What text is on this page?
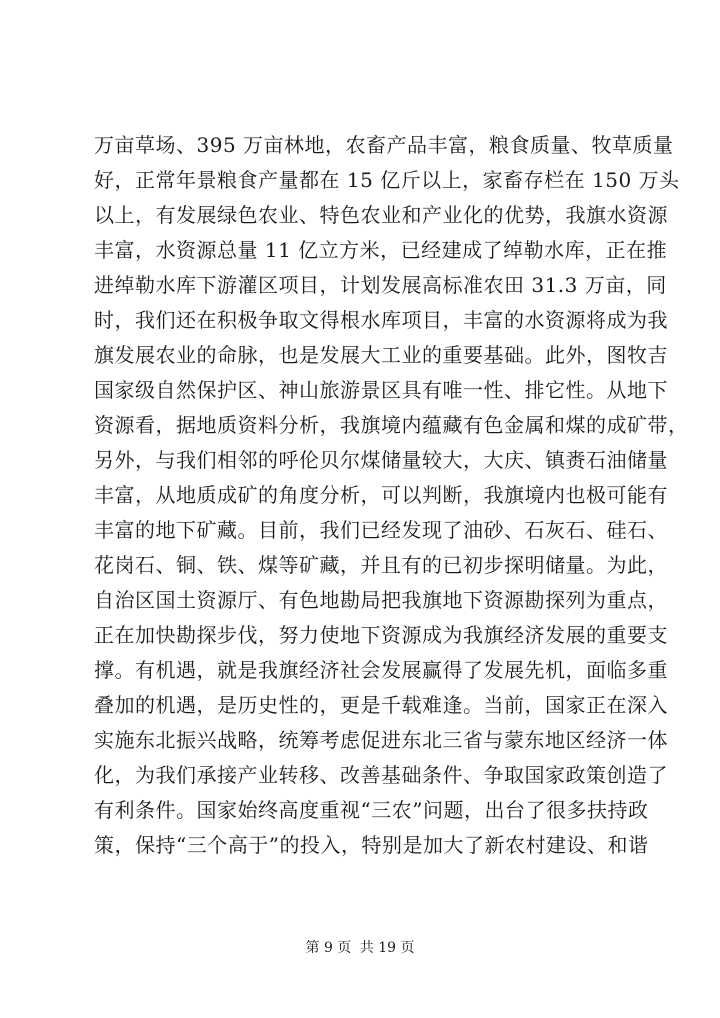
万亩草场、395 万亩林地，农畜产品丰富，粮食质量、牧草质量
好，正常年景粮食产量都在 15 亿斤以上，家畜存栏在 150 万头
以上，有发展绿色农业、特色农业和产业化的优势，我旗水资源
丰富，水资源总量 11 亿立方米，已经建成了绰勒水库，正在推
进绰勒水库下游灌区项目，计划发展高标准农田 31.3 万亩，同
时，我们还在积极争取文得根水库项目，丰富的水资源将成为我
旗发展农业的命脉，也是发展大工业的重要基础。此外，图牧吉
国家级自然保护区、神山旅游景区具有唯一性、排它性。从地下
资源看，据地质资料分析，我旗境内蕴藏有色金属和煤的成矿带，
另外，与我们相邻的呼伦贝尔煤储量较大，大庆、镇赉石油储量
丰富，从地质成矿的角度分析，可以判断，我旗境内也极可能有
丰富的地下矿藏。目前，我们已经发现了油砂、石灰石、硅石、
花岗石、铜、铁、煤等矿藏，并且有的已初步探明储量。为此，
自治区国土资源厅、有色地勘局把我旗地下资源勘探列为重点，
正在加快勘探步伐，努力使地下资源成为我旗经济发展的重要支
撑。有机遇，就是我旗经济社会发展赢得了发展先机，面临多重
叠加的机遇，是历史性的，更是千载难逢。当前，国家正在深入
实施东北振兴战略，统筹考虑促进东北三省与蒙东地区经济一体
化，为我们承接产业转移、改善基础条件、争取国家政策创造了
有利条件。国家始终高度重视“三农”问题，出台了很多扶持政
策，保持“三个高于”的投入，特别是加大了新农村建设、和谐
第 9 页 共 19 页
